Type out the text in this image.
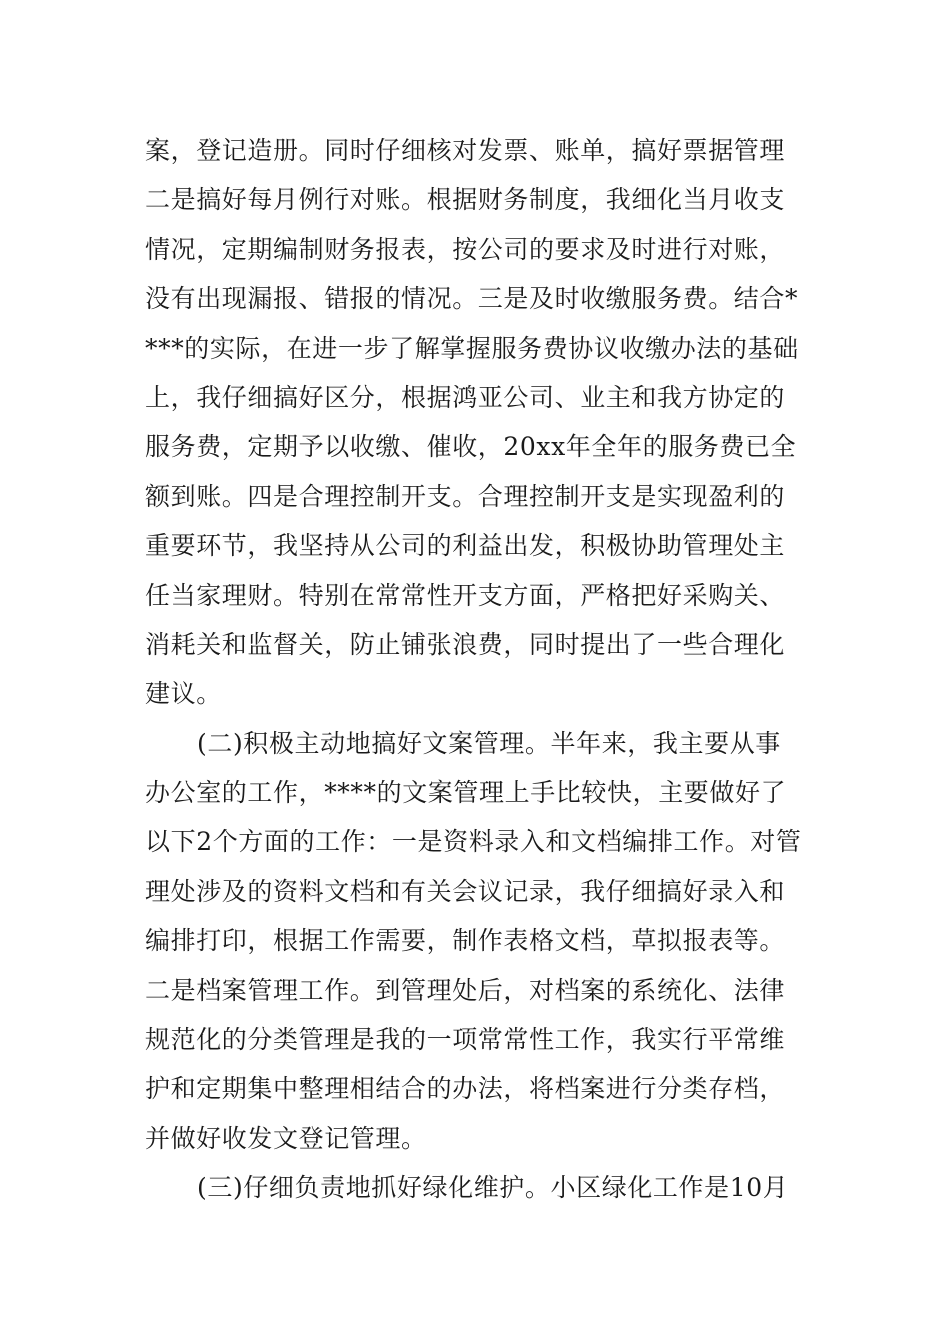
案，登记造册。同时仔细核对发票、账单，搞好票据管理
二是搞好每月例行对账。根据财务制度，我细化当月收支
情况，定期编制财务报表，按公司的要求及时进行对账，
没有出现漏报、错报的情况。三是及时收缴服务费。结合*
***的实际，在进一步了解掌握服务费协议收缴办法的基础
上，我仔细搞好区分，根据鸿亚公司、业主和我方协定的
服务费，定期予以收缴、催收，20xx年全年的服务费已全
额到账。四是合理控制开支。合理控制开支是实现盈利的
重要环节，我坚持从公司的利益出发，积极协助管理处主
任当家理财。特别在常常性开支方面，严格把好采购关、
消耗关和监督关，防止铺张浪费，同时提出了一些合理化
建议。
(二)积极主动地搞好文案管理。半年来，我主要从事
办公室的工作，****的文案管理上手比较快，主要做好了
以下2个方面的工作：一是资料录入和文档编排工作。对管
理处涉及的资料文档和有关会议记录，我仔细搞好录入和
编排打印，根据工作需要，制作表格文档，草拟报表等。
二是档案管理工作。到管理处后，对档案的系统化、法律
规范化的分类管理是我的一项常常性工作，我实行平常维
护和定期集中整理相结合的办法，将档案进行分类存档，
并做好收发文登记管理。
(三)仔细负责地抓好绿化维护。小区绿化工作是10月
